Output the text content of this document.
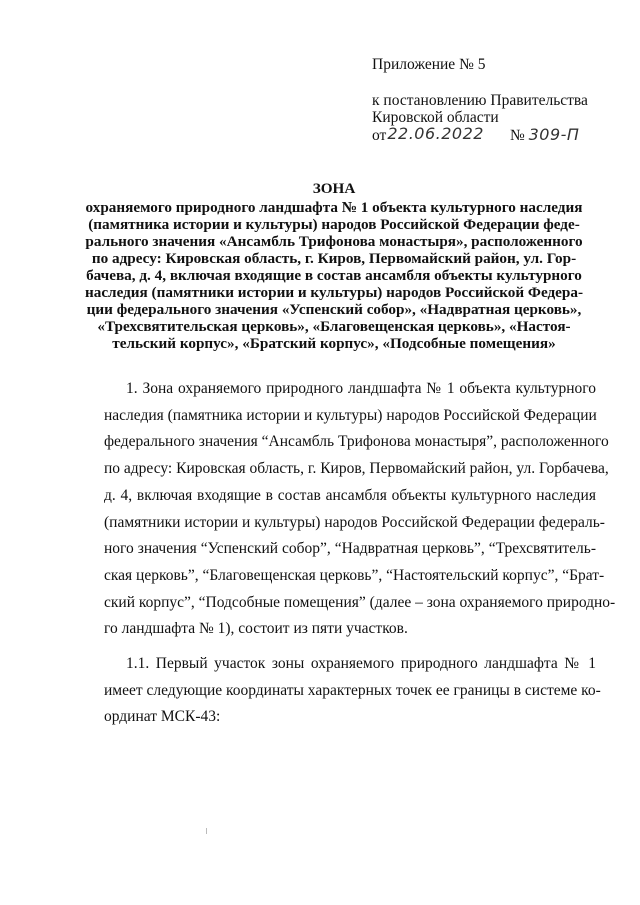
Приложение № 5
к постановлению Правительства
Кировской области
от22.06.2022 № 309-П
ЗОНА
охраняемого природного ландшафта № 1 объекта культурного наследия
(памятника истории и культуры) народов Российской Федерации феде-
рального значения «Ансамбль Трифонова монастыря», расположенного
по адресу: Кировская область, г. Киров, Первомайский район, ул. Гор-
бачева, д. 4, включая входящие в состав ансамбля объекты культурного
наследия (памятники истории и культуры) народов Российской Федера-
ции федерального значения «Успенский собор», «Надвратная церковь»,
«Трехсвятительская церковь», «Благовещенская церковь», «Настоя-
тельский корпус», «Братский корпус», «Подсобные помещения»
1. Зона охраняемого природного ландшафта № 1 объекта культурного
наследия (памятника истории и культуры) народов Российской Федерации
федерального значения “Ансамбль Трифонова монастыря”, расположенного
по адресу: Кировская область, г. Киров, Первомайский район, ул. Горбачева,
д. 4, включая входящие в состав ансамбля объекты культурного наследия
(памятники истории и культуры) народов Российской Федерации федераль-
ного значения “Успенский собор”, “Надвратная церковь”, “Трехсвятитель-
ская церковь”, “Благовещенская церковь”, “Настоятельский корпус”, “Брат-
ский корпус”, “Подсобные помещения” (далее – зона охраняемого природно-
го ландшафта № 1), состоит из пяти участков.
1.1. Первый участок зоны охраняемого природного ландшафта № 1
имеет следующие координаты характерных точек ее границы в системе ко-
ординат МСК-43:
